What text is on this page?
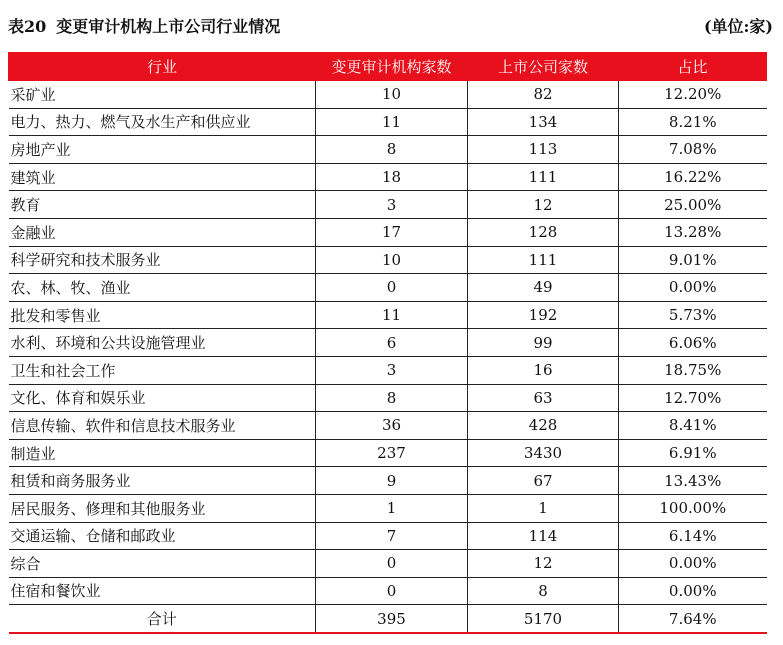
表20 变更审计机构上市公司行业情况	(单位:家)
行业	变更审计机构家数	上市公司家数	占比
采矿业	10	82	12.20%
电力、热力、燃气及水生产和供应业	11	134	8.21%
房地产业	8	113	7.08%
建筑业	18	111	16.22%
教育	3	12	25.00%
金融业	17	128	13.28%
科学研究和技术服务业	10	111	9.01%
农、林、牧、渔业	0	49	0.00%
批发和零售业	11	192	5.73%
水利、环境和公共设施管理业	6	99	6.06%
卫生和社会工作	3	16	18.75%
文化、体育和娱乐业	8	63	12.70%
信息传输、软件和信息技术服务业	36	428	8.41%
制造业	237	3430	6.91%
租赁和商务服务业	9	67	13.43%
居民服务、修理和其他服务业	1	1	100.00%
交通运输、仓储和邮政业	7	114	6.14%
综合	0	12	0.00%
住宿和餐饮业	0	8	0.00%
合计	395	5170	7.64%
